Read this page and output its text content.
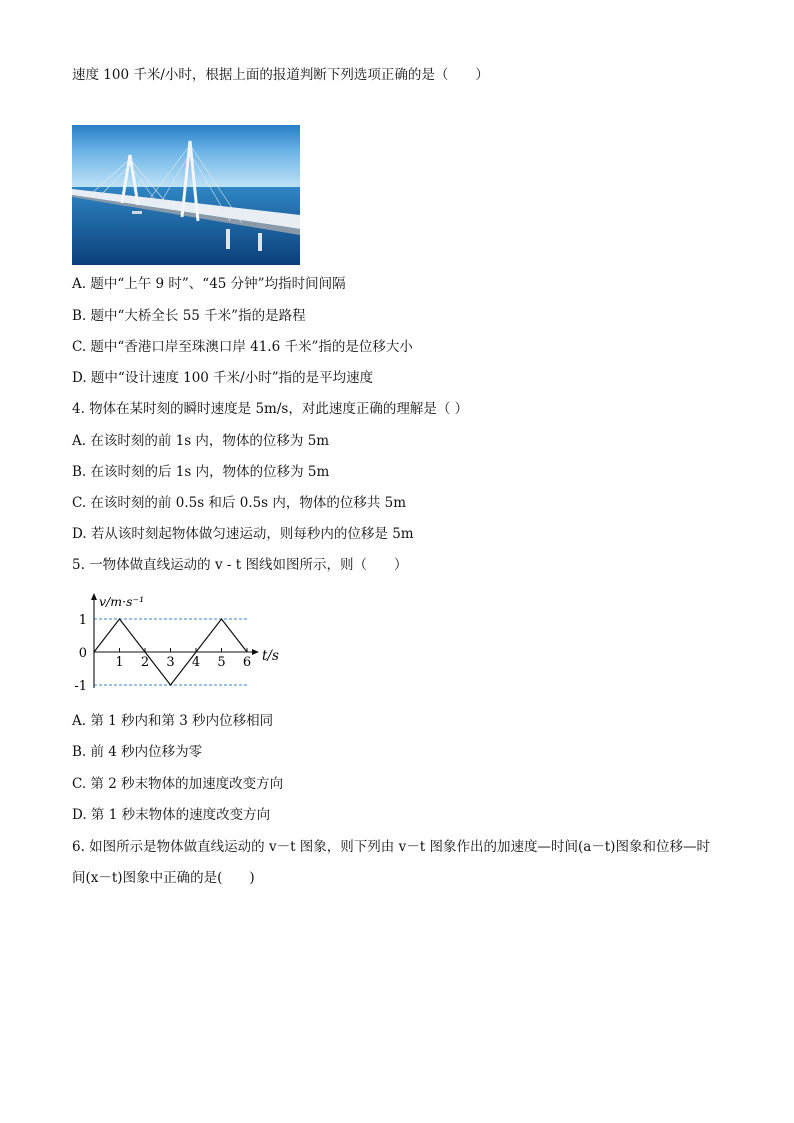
速度 100 千米/小时，根据上面的报道判断下列选项正确的是（　　）
A. 题中“上午 9 时”、“45 分钟”均指时间间隔
B. 题中“大桥全长 55 千米”指的是路程
C. 题中“香港口岸至珠澳口岸 41.6 千米”指的是位移大小
D. 题中“设计速度 100 千米/小时”指的是平均速度
4. 物体在某时刻的瞬时速度是 5m/s，对此速度正确的理解是（ ）
A. 在该时刻的前 1s 内，物体的位移为 5m
B. 在该时刻的后 1s 内，物体的位移为 5m
C. 在该时刻的前 0.5s 和后 0.5s 内，物体的位移共 5m
D. 若从该时刻起物体做匀速运动，则每秒内的位移是 5m
5. 一物体做直线运动的 v - t 图线如图所示，则（　　）
1 2 3 4 5 6
1
0
-1
v/m·s⁻¹
t/s
A. 第 1 秒内和第 3 秒内位移相同
B. 前 4 秒内位移为零
C. 第 2 秒末物体的加速度改变方向
D. 第 1 秒末物体的速度改变方向
6. 如图所示是物体做直线运动的 v－t 图象，则下列由 v－t 图象作出的加速度—时间(a－t)图象和位移—时
间(x－t)图象中正确的是(　　)
